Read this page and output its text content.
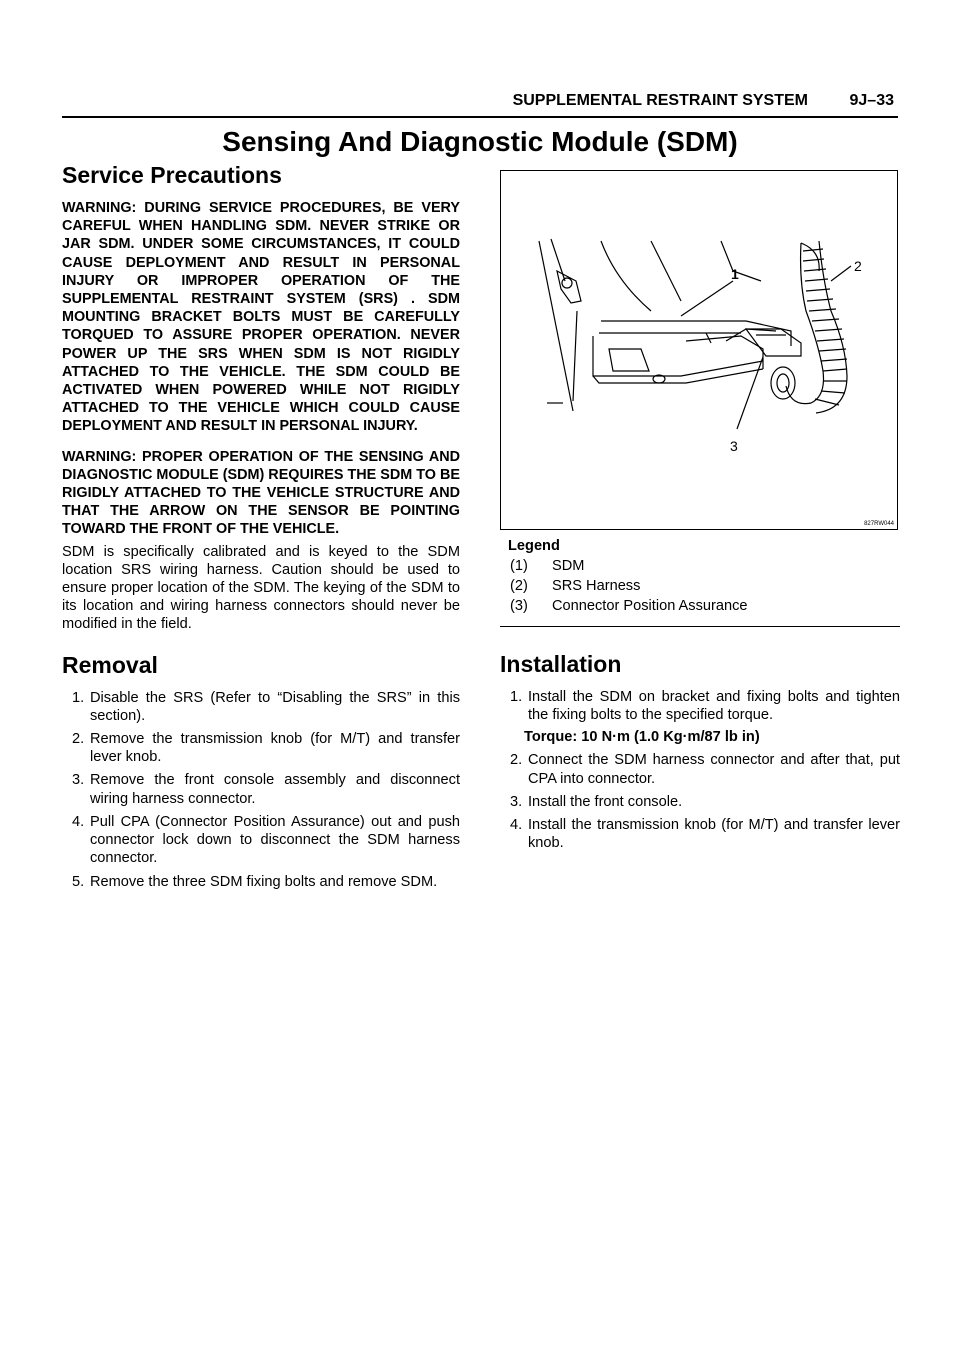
SUPPLEMENTAL RESTRAINT SYSTEM	9J–33
Sensing And Diagnostic Module (SDM)
Service Precautions

WARNING: DURING SERVICE PROCEDURES, BE VERY CAREFUL WHEN HANDLING SDM. NEVER STRIKE OR JAR SDM. UNDER SOME CIRCUMSTANCES, IT COULD CAUSE DEPLOYMENT AND RESULT IN PERSONAL INJURY OR IMPROPER OPERATION OF THE SUPPLEMENTAL RESTRAINT SYSTEM (SRS) . SDM MOUNTING BRACKET BOLTS MUST BE CAREFULLY TORQUED TO ASSURE PROPER OPERATION. NEVER POWER UP THE SRS WHEN SDM IS NOT RIGIDLY ATTACHED TO THE VEHICLE. THE SDM COULD BE ACTIVATED WHEN POWERED WHILE NOT RIGIDLY ATTACHED TO THE VEHICLE WHICH COULD CAUSE DEPLOYMENT AND RESULT IN PERSONAL INJURY.

WARNING: PROPER OPERATION OF THE SENSING AND DIAGNOSTIC MODULE (SDM) REQUIRES THE SDM TO BE RIGIDLY ATTACHED TO THE VEHICLE STRUCTURE AND THAT THE ARROW ON THE SENSOR BE POINTING TOWARD THE FRONT OF THE VEHICLE.

SDM is specifically calibrated and is keyed to the SDM location SRS wiring harness. Caution should be used to ensure proper location of the SDM. The keying of the SDM to its location and wiring harness connectors should never be modified in the field.

Removal
1. Disable the SRS (Refer to “Disabling the SRS” in this section).
2. Remove the transmission knob (for M/T) and transfer lever knob.
3. Remove the front console assembly and disconnect wiring harness connector.
4. Pull CPA (Connector Position Assurance) out and push connector lock down to disconnect the SDM harness connector.
5. Remove the three SDM fixing bolts and remove SDM.
1	2
3
827RW044
Legend
(1)	SDM
(2)	SRS Harness
(3)	Connector Position Assurance
Installation
1. Install the SDM on bracket and fixing bolts and tighten the fixing bolts to the specified torque.
Torque: 10 N·m (1.0 Kg·m/87 lb in)
2. Connect the SDM harness connector and after that, put CPA into connector.
3. Install the front console.
4. Install the transmission knob (for M/T) and transfer lever knob.
